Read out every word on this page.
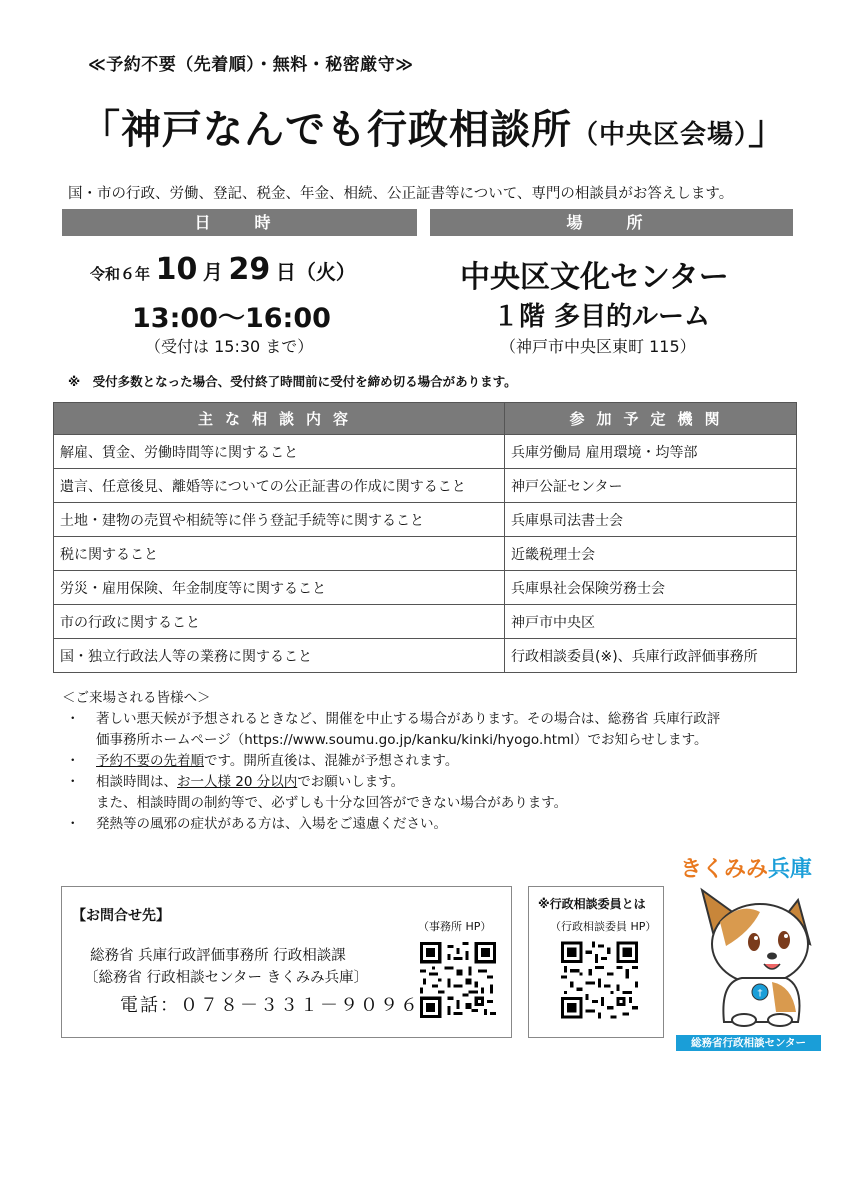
≪予約不要（先着順）・無料・秘密厳守≫
「神戸なんでも行政相談所（中央区会場）」
国・市の行政、労働、登記、税金、年金、相続、公正証書等について、専門の相談員がお答えします。
日　時	場　所
令和６年 10 月 29 日（火）
13:00～16:00
（受付は 15:30 まで）
中央区文化センター
１階 多目的ルーム
（神戸市中央区東町 115）
※　受付多数となった場合、受付終了時間前に受付を締め切る場合があります。
主な相談内容	参加予定機関
解雇、賃金、労働時間等に関すること	兵庫労働局 雇用環境・均等部
遺言、任意後見、離婚等についての公正証書の作成に関すること	神戸公証センター
土地・建物の売買や相続等に伴う登記手続等に関すること	兵庫県司法書士会
税に関すること	近畿税理士会
労災・雇用保険、年金制度等に関すること	兵庫県社会保険労務士会
市の行政に関すること	神戸市中央区
国・独立行政法人等の業務に関すること	行政相談委員(※)、兵庫行政評価事務所
＜ご来場される皆様へ＞
・	著しい悪天候が予想されるときなど、開催を中止する場合があります。その場合は、総務省 兵庫行政評
価事務所ホームページ（https://www.soumu.go.jp/kanku/kinki/hyogo.html）でお知らせします。
・	予約不要の先着順です。開所直後は、混雑が予想されます。
・	相談時間は、お一人様 20 分以内でお願いします。
また、相談時間の制約等で、必ずしも十分な回答ができない場合があります。
・	発熱等の風邪の症状がある方は、入場をご遠慮ください。
【お問合せ先】
総務省 兵庫行政評価事務所 行政相談課
〔総務省 行政相談センター きくみみ兵庫〕
電話：０７８－３３１－９０９６
（事務所 HP）
※行政相談委員とは
（行政相談委員 HP）
きくみみ兵庫
†
総務省行政相談センター
